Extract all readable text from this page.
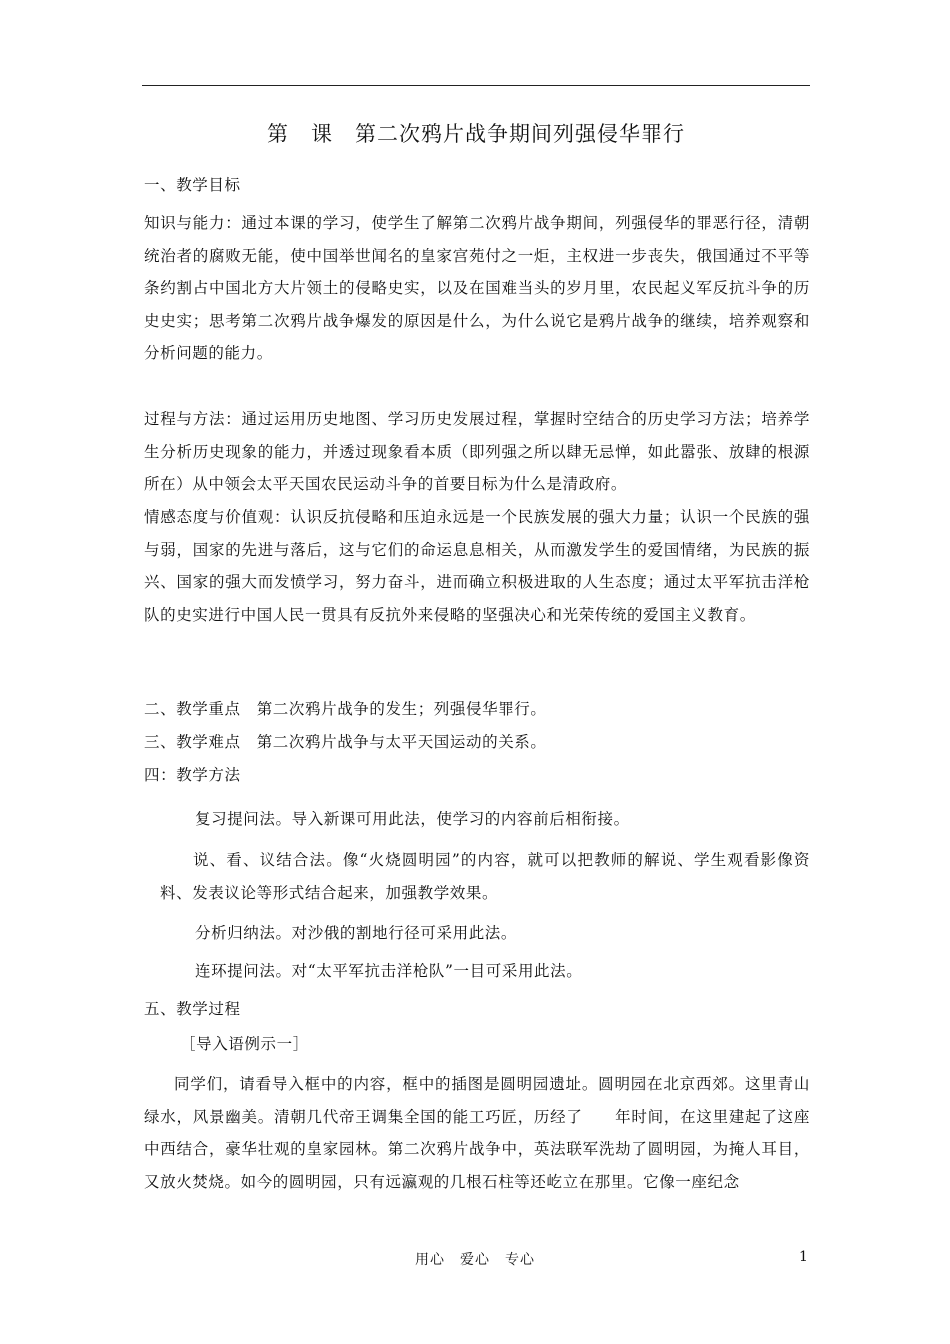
第　课　第二次鸦片战争期间列强侵华罪行
一、教学目标
知识与能力：通过本课的学习，使学生了解第二次鸦片战争期间，列强侵华的罪恶行径，清朝统治者的腐败无能，使中国举世闻名的皇家宫苑付之一炬，主权进一步丧失，俄国通过不平等条约割占中国北方大片领土的侵略史实，以及在国难当头的岁月里，农民起义军反抗斗争的历史史实；思考第二次鸦片战争爆发的原因是什么，为什么说它是鸦片战争的继续，培养观察和分析问题的能力。
过程与方法：通过运用历史地图、学习历史发展过程，掌握时空结合的历史学习方法；培养学生分析历史现象的能力，并透过现象看本质（即列强之所以肆无忌惮，如此嚣张、放肆的根源所在）从中领会太平天国农民运动斗争的首要目标为什么是清政府。
情感态度与价值观：认识反抗侵略和压迫永远是一个民族发展的强大力量；认识一个民族的强与弱，国家的先进与落后，这与它们的命运息息相关，从而激发学生的爱国情绪，为民族的振兴、国家的强大而发愤学习，努力奋斗，进而确立积极进取的人生态度；通过太平军抗击洋枪队的史实进行中国人民一贯具有反抗外来侵略的坚强决心和光荣传统的爱国主义教育。
二、教学重点　第二次鸦片战争的发生；列强侵华罪行。
三、教学难点　第二次鸦片战争与太平天国运动的关系。
四：教学方法
复习提问法。导入新课可用此法，使学习的内容前后相衔接。
说、看、议结合法。像“火烧圆明园”的内容，就可以把教师的解说、学生观看影像资料、发表议论等形式结合起来，加强教学效果。
分析归纳法。对沙俄的割地行径可采用此法。
连环提问法。对“太平军抗击洋枪队”一目可采用此法。
五、教学过程
［导入语例示一］
同学们，请看导入框中的内容，框中的插图是圆明园遗址。圆明园在北京西郊。这里青山绿水，风景幽美。清朝几代帝王调集全国的能工巧匠，历经了　　年时间，在这里建起了这座中西结合，豪华壮观的皇家园林。第二次鸦片战争中，英法联军洗劫了圆明园，为掩人耳目，又放火焚烧。如今的圆明园，只有远瀛观的几根石柱等还屹立在那里。它像一座纪念
用心　爱心　专心	1
